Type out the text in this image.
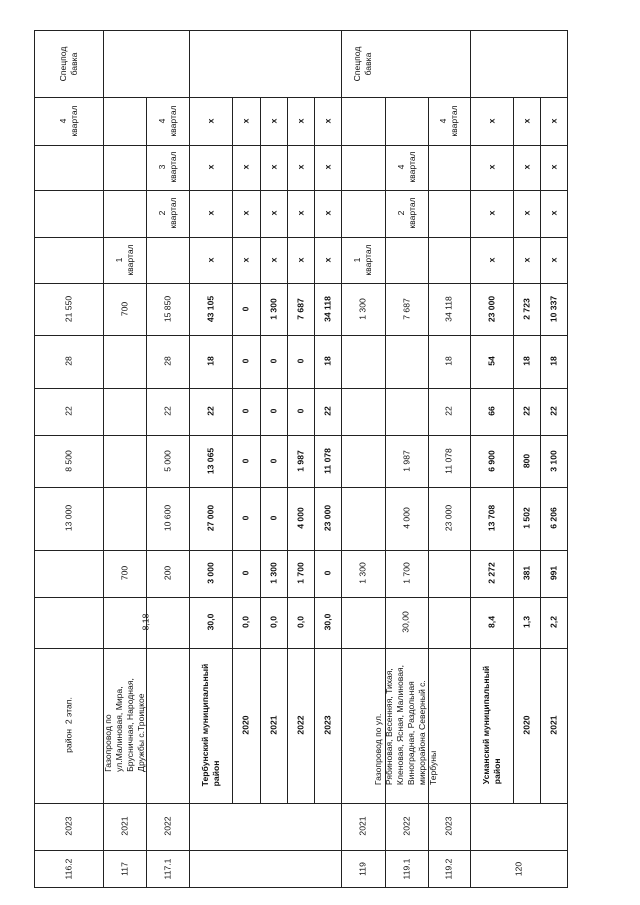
116.2
2023
район  2 этап.
13 000
8 500
22
28
21 550
4
квартал
Спецпод
бавка
117
2021
Газопровод по
ул.Малиновая, Мира,
Брусничная, Народная,
Дружбы с.Троицкое
8,18
700
700
1
квартал
117.1
2022
200
10 600
5 000
22
28
15 850
2
квартал
3
квартал
4
квартал
Тербунский муниципальный
район
30,0
3 000
27 000
13 065
22
18
43 105
х
х
х
х
2020
0,0
0
0
0
0
0
0
х
х
х
х
2021
0,0
1 300
0
0
0
0
1 300
х
х
х
х
2022
0,0
1 700
4 000
1 987
0
0
7 687
х
х
х
х
2023
30,0
0
23 000
11 078
22
18
34 118
х
х
х
х
119
2021
1 300
1 300
1
квартал
Спецпод
бавка
119.1
2022
Газопровод по ул.
Рябиновая, Весенняя, Тихая,
Кленовая, Ясная, Малиновая,
Виноградная, Раздольная
микрорайона Северный с.
Тербуны
30,00
1 700
4 000
1 987
7 687
2
квартал
4
квартал
119.2
2023
23 000
11 078
22
18
34 118
4
квартал
120
Усманский муниципальный
район
8,4
2 272
13 708
6 900
66
54
23 000
х
х
х
х
2020
1,3
381
1 502
800
22
18
2 723
х
х
х
х
2021
2,2
991
6 206
3 100
22
18
10 337
х
х
х
х
